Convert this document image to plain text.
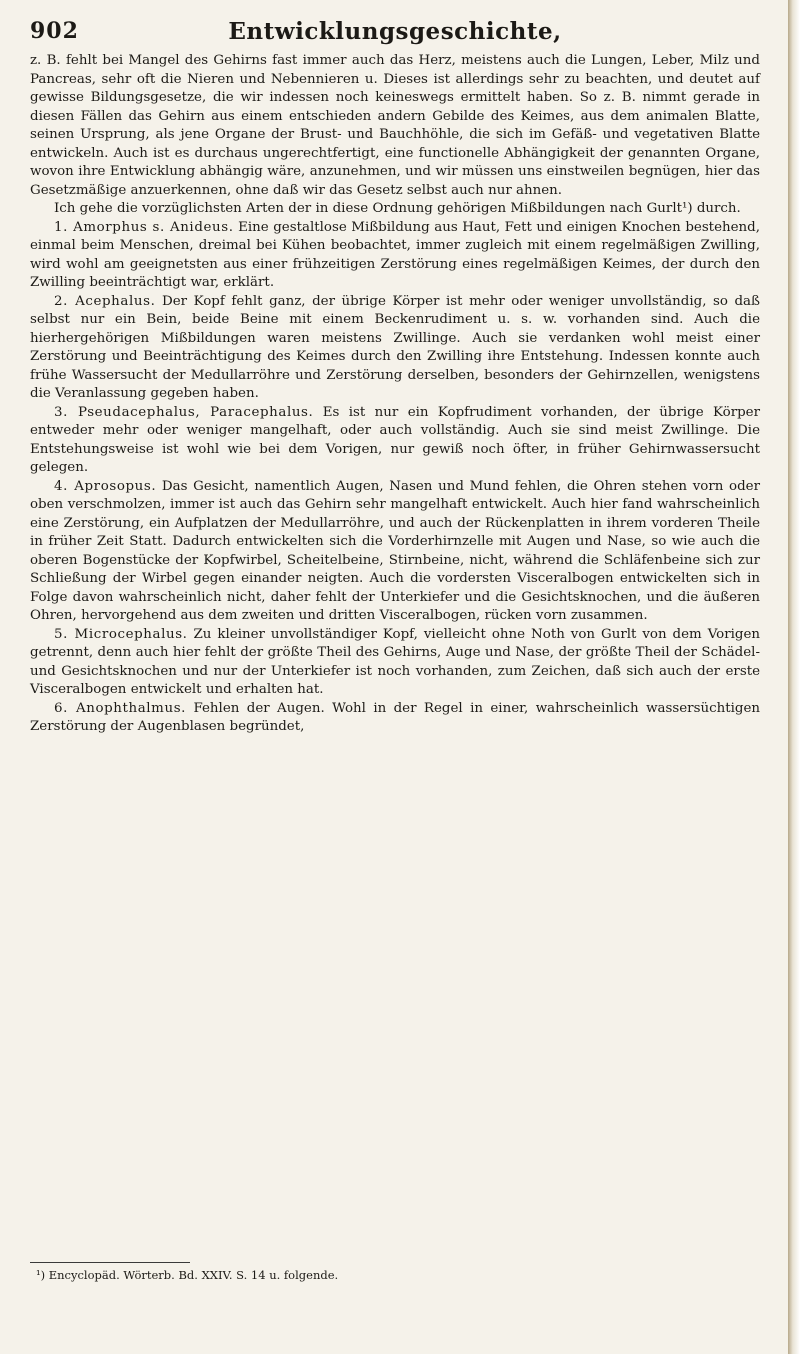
902	Entwicklungsgeschichte,

z. B. fehlt bei Mangel des Gehirns fast immer auch das Herz, meistens auch die Lungen, Leber, Milz und Pancreas, sehr oft die Nieren und Nebennieren u. Dieses ist allerdings sehr zu beachten, und deutet auf gewisse Bildungsgesetze, die wir indessen noch keineswegs ermittelt haben. So z. B. nimmt gerade in diesen Fällen das Gehirn aus einem entschieden andern Gebilde des Keimes, aus dem animalen Blatte, seinen Ursprung, als jene Organe der Brust- und Bauchhöhle, die sich im Gefäß- und vegetativen Blatte entwickeln. Auch ist es durchaus ungerechtfertigt, eine functionelle Abhängigkeit der genannten Organe, wovon ihre Entwicklung abhängig wäre, anzunehmen, und wir müssen uns einstweilen begnügen, hier das Gesetzmäßige anzuerkennen, ohne daß wir das Gesetz selbst auch nur ahnen.

Ich gehe die vorzüglichsten Arten der in diese Ordnung gehörigen Mißbildungen nach Gurlt¹) durch.

1. Amorphus s. Anideus. Eine gestaltlose Mißbildung aus Haut, Fett und einigen Knochen bestehend, einmal beim Menschen, dreimal bei Kühen beobachtet, immer zugleich mit einem regelmäßigen Zwilling, wird wohl am geeignetsten aus einer frühzeitigen Zerstörung eines regelmäßigen Keimes, der durch den Zwilling beeinträchtigt war, erklärt.

2. Acephalus. Der Kopf fehlt ganz, der übrige Körper ist mehr oder weniger unvollständig, so daß selbst nur ein Bein, beide Beine mit einem Beckenrudiment u. s. w. vorhanden sind. Auch die hierhergehörigen Mißbildungen waren meistens Zwillinge. Auch sie verdanken wohl meist einer Zerstörung und Beeinträchtigung des Keimes durch den Zwilling ihre Entstehung. Indessen konnte auch frühe Wassersucht der Medullarröhre und Zerstörung derselben, besonders der Gehirnzellen, wenigstens die Veranlassung gegeben haben.

3. Pseudacephalus, Paracephalus. Es ist nur ein Kopfrudiment vorhanden, der übrige Körper entweder mehr oder weniger mangelhaft, oder auch vollständig. Auch sie sind meist Zwillinge. Die Entstehungsweise ist wohl wie bei dem Vorigen, nur gewiß noch öfter, in früher Gehirnwassersucht gelegen.

4. Aprosopus. Das Gesicht, namentlich Augen, Nasen und Mund fehlen, die Ohren stehen vorn oder oben verschmolzen, immer ist auch das Gehirn sehr mangelhaft entwickelt. Auch hier fand wahrscheinlich eine Zerstörung, ein Aufplatzen der Medullarröhre, und auch der Rückenplatten in ihrem vorderen Theile in früher Zeit Statt. Dadurch entwickelten sich die Vorderhirnzelle mit Augen und Nase, so wie auch die oberen Bogenstücke der Kopfwirbel, Scheitelbeine, Stirnbeine, nicht, während die Schläfenbeine sich zur Schließung der Wirbel gegen einander neigten. Auch die vordersten Visceralbogen entwickelten sich in Folge davon wahrscheinlich nicht, daher fehlt der Unterkiefer und die Gesichtsknochen, und die äußeren Ohren, hervorgehend aus dem zweiten und dritten Visceralbogen, rücken vorn zusammen.

5. Microcephalus. Zu kleiner unvollständiger Kopf, vielleicht ohne Noth von Gurlt von dem Vorigen getrennt, denn auch hier fehlt der größte Theil des Gehirns, Auge und Nase, der größte Theil der Schädel- und Gesichtsknochen und nur der Unterkiefer ist noch vorhanden, zum Zeichen, daß sich auch der erste Visceralbogen entwickelt und erhalten hat.

6. Anophthalmus. Fehlen der Augen. Wohl in der Regel in einer, wahrscheinlich wassersüchtigen Zerstörung der Augenblasen begründet,

¹) Encyclopäd. Wörterb. Bd. XXIV. S. 14 u. folgende.
